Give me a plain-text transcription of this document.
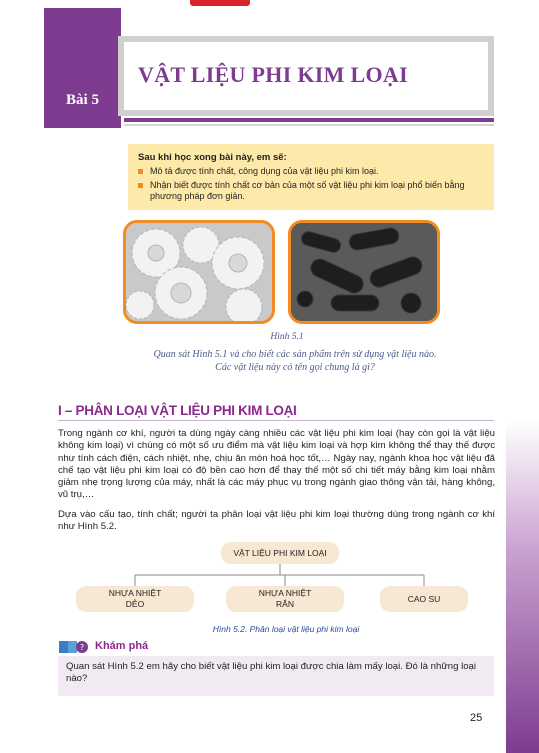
Bài 5
VẬT LIỆU PHI KIM LOẠI
Sau khi học xong bài này, em sẽ:
Mô tả được tính chất, công dụng của vật liệu phi kim loại.
Nhận biết được tính chất cơ bản của một số vật liệu phi kim loại phổ biến bằng phương pháp đơn giản.
Hình 5.1
Quan sát Hình 5.1 và cho biết các sản phẩm trên sử dụng vật liệu nào. Các vật liệu này có tên gọi chung là gì?
I – PHÂN LOẠI VẬT LIỆU PHI KIM LOẠI
Trong ngành cơ khí, người ta dùng ngày càng nhiều các vật liệu phi kim loại (hay còn gọi là vật liệu không kim loại) vì chúng có một số ưu điểm mà vật liệu kim loại và hợp kim không thể thay thế được như tính cách điện, cách nhiệt, nhẹ, chịu ăn mòn hoá học tốt,… Ngày nay, ngành khoa học vật liệu đã chế tạo vật liệu phi kim loại có độ bền cao hơn để thay thế một số chi tiết máy bằng kim loại nhằm giảm nhẹ trọng lượng của máy, nhất là các máy phục vụ trong ngành giao thông vận tải, hàng không, vũ trụ,…
Dựa vào cấu tạo, tính chất; người ta phân loại vật liệu phi kim loại thường dùng trong ngành cơ khí như Hình 5.2.
VẬT LIỆU PHI KIM LOẠI
NHỰA NHIỆT DẺO
NHỰA NHIỆT RẮN
CAO SU
Hình 5.2. Phân loại vật liệu phi kim loại
? Khám phá
Quan sát Hình 5.2 em hãy cho biết vật liệu phi kim loại được chia làm mấy loại. Đó là những loại nào?
25
